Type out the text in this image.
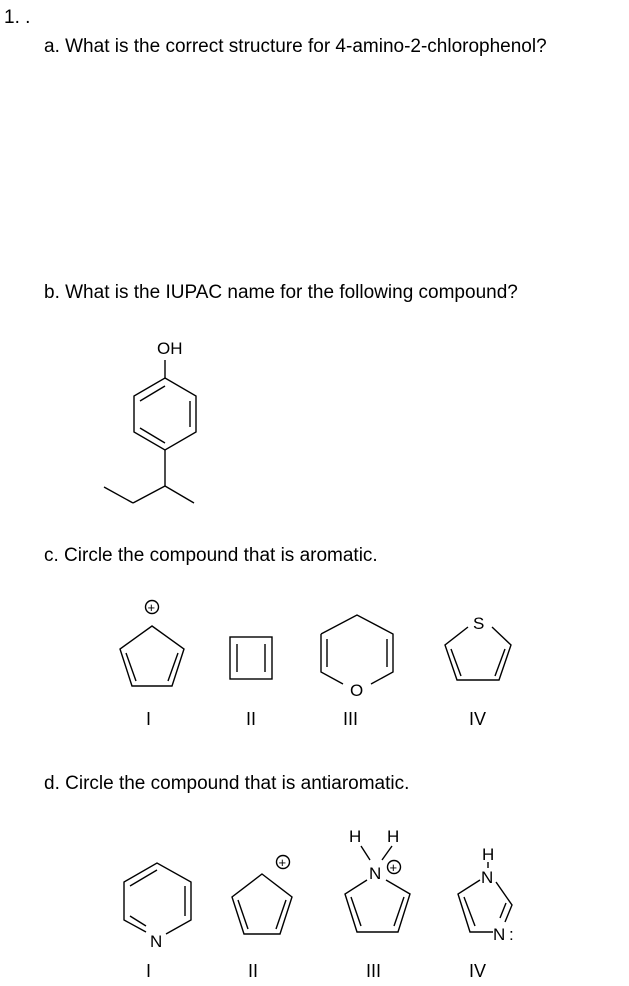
1. .
a. What is the correct structure for 4-amino-2-chlorophenol?
b. What is the IUPAC name for the following compound?
c. Circle the compound that is aromatic.
d. Circle the compound that is antiaromatic.
OH
+
I	II
O
III
S
IV
N
I
+
II
H H
N +
III
H
N
N :
IV
